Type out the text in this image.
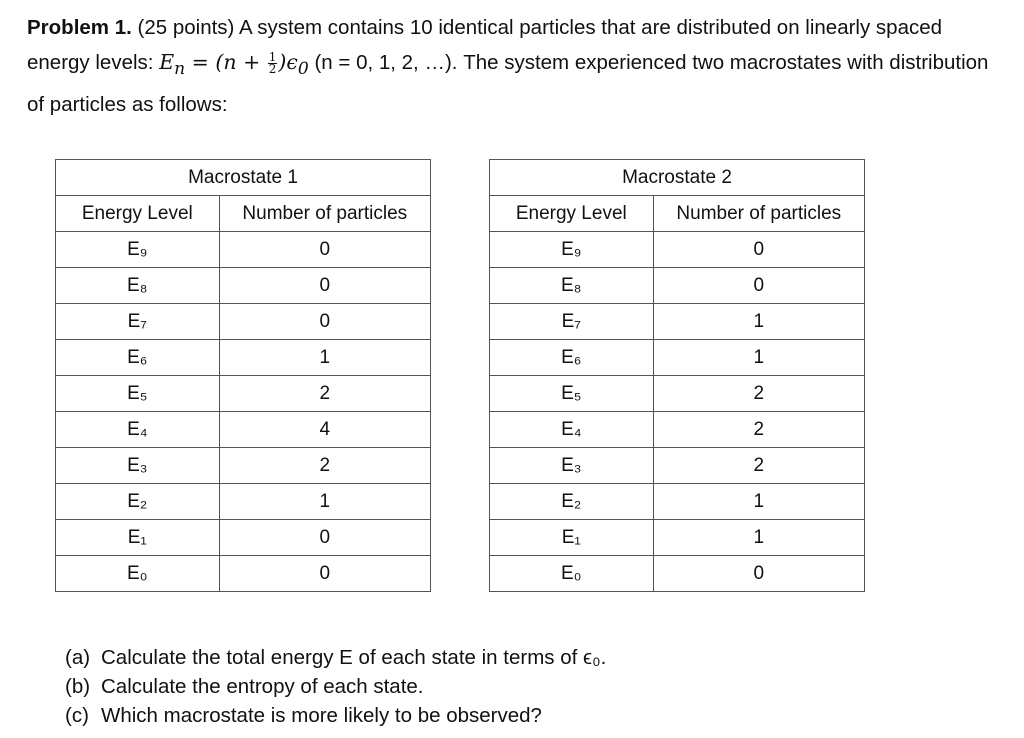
Problem 1. (25 points) A system contains 10 identical particles that are distributed on linearly spaced energy levels: $E_n = (n + \frac{1}{2} )\epsilon_0$ (n = 0, 1, 2, …). The system experienced two macrostates with distribution of particles as follows:
Macrostate 1	
Energy Level	Number of particles
E₉	0
E₈	0
E₇	0
E₆	1
E₅	2
E₄	4
E₃	2
E₂	1
E₁	0
E₀	0
Macrostate 2	
Energy Level	Number of particles
E₉	0
E₈	0
E₇	1
E₆	1
E₅	2
E₄	2
E₃	2
E₂	1
E₁	1
E₀	0
(a) Calculate the total energy E of each state in terms of ϵ₀.
(b) Calculate the entropy of each state.
(c) Which macrostate is more likely to be observed?
